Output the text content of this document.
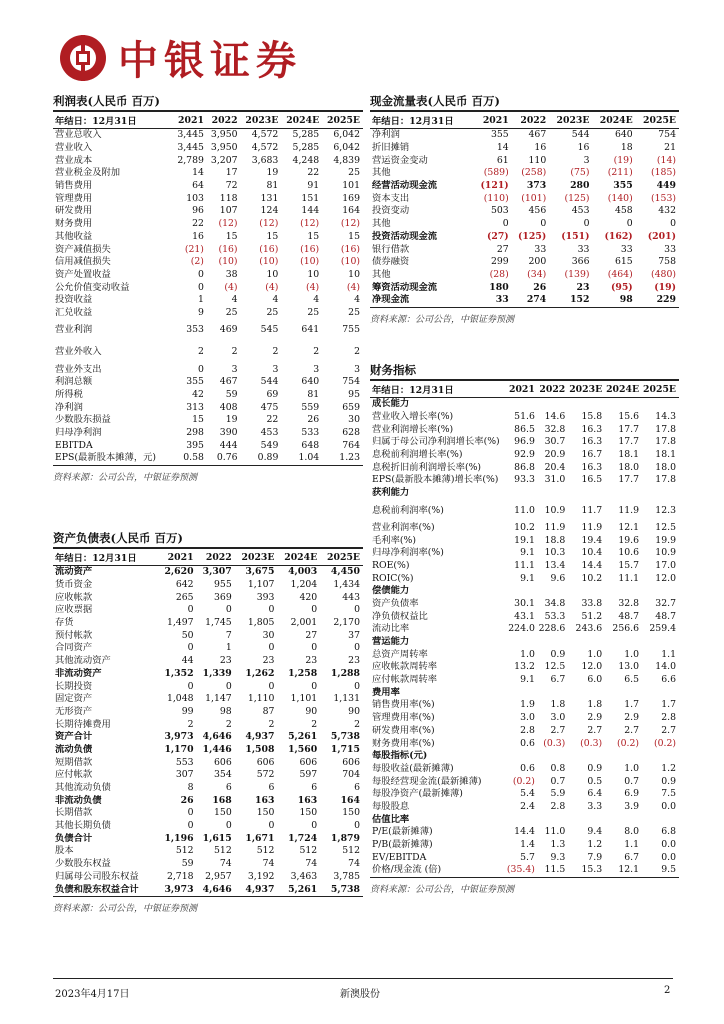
中银证券
利润表(人民币 百万)
年结日：12月31日	2021	2022	2023E	2024E	2025E
营业总收入	3,445	3,950	4,572	5,285	6,042
营业收入	3,445	3,950	4,572	5,285	6,042
营业成本	2,789	3,207	3,683	4,248	4,839
营业税金及附加	14	17	19	22	25
销售费用	64	72	81	91	101
管理费用	103	118	131	151	169
研发费用	96	107	124	144	164
财务费用	22	(12)	(12)	(12)	(12)
其他收益	16	15	15	15	15
资产减值损失	(21)	(16)	(16)	(16)	(16)
信用减值损失	(2)	(10)	(10)	(10)	(10)
资产处置收益	0	38	10	10	10
公允价值变动收益	0	(4)	(4)	(4)	(4)
投资收益	1	4	4	4	4
汇兑收益	9	25	25	25	25
营业利润	353	469	545	641	755
营业外收入	2	2	2	2	2
营业外支出	0	3	3	3	3
利润总额	355	467	544	640	754
所得税	42	59	69	81	95
净利润	313	408	475	559	659
少数股东损益	15	19	22	26	30
归母净利润	298	390	453	533	628
EBITDA	395	444	549	648	764
EPS(最新股本摊薄，元)	0.58	0.76	0.89	1.04	1.23
资料来源：公司公告，中银证券预测
资产负债表(人民币 百万)
年结日：12月31日	2021	2022	2023E	2024E	2025E
流动资产	2,620	3,307	3,675	4,003	4,450
货币资金	642	955	1,107	1,204	1,434
应收帐款	265	369	393	420	443
应收票据	0	0	0	0	0
存货	1,497	1,745	1,805	2,001	2,170
预付帐款	50	7	30	27	37
合同资产	0	1	0	0	0
其他流动资产	44	23	23	23	23
非流动资产	1,352	1,339	1,262	1,258	1,288
长期投资	0	0	0	0	0
固定资产	1,048	1,147	1,110	1,101	1,131
无形资产	99	98	87	90	90
长期待摊费用	2	2	2	2	2
资产合计	3,973	4,646	4,937	5,261	5,738
流动负债	1,170	1,446	1,508	1,560	1,715
短期借款	553	606	606	606	606
应付帐款	307	354	572	597	704
其他流动负债	8	6	6	6	6
非流动负债	26	168	163	163	164
长期借款	0	150	150	150	150
其他长期负债	0	0	0	0	0
负债合计	1,196	1,615	1,671	1,724	1,879
股本	512	512	512	512	512
少数股东权益	59	74	74	74	74
归属母公司股东权益	2,718	2,957	3,192	3,463	3,785
负债和股东权益合计	3,973	4,646	4,937	5,261	5,738
资料来源：公司公告，中银证券预测
现金流量表(人民币 百万)
年结日：12月31日	2021	2022	2023E	2024E	2025E
净利润	355	467	544	640	754
折旧摊销	14	16	16	18	21
营运资金变动	61	110	3	(19)	(14)
其他	(589)	(258)	(75)	(211)	(185)
经营活动现金流	(121)	373	280	355	449
资本支出	(110)	(101)	(125)	(140)	(153)
投资变动	503	456	453	458	432
其他	0	0	0	0	0
投资活动现金流	(27)	(125)	(151)	(162)	(201)
银行借款	27	33	33	33	33
债券融资	299	200	366	615	758
其他	(28)	(34)	(139)	(464)	(480)
筹资活动现金流	180	26	23	(95)	(19)
净现金流	33	274	152	98	229
资料来源：公司公告，中银证券预测
财务指标
年结日：12月31日	2021	2022	2023E	2024E	2025E
成长能力					
营业收入增长率(%)	51.6	14.6	15.8	15.6	14.3
营业利润增长率(%)	86.5	32.8	16.3	17.7	17.8
归属于母公司净利润增长率(%)	96.9	30.7	16.3	17.7	17.8
息税前利润增长率(%)	92.9	20.9	16.7	18.1	18.1
息税折旧前利润增长率(%)	86.8	20.4	16.3	18.0	18.0
EPS(最新股本摊薄)增长率(%)	93.3	31.0	16.5	17.7	17.8
获利能力					
息税前利润率(%)	11.0	10.9	11.7	11.9	12.3
营业利润率(%)	10.2	11.9	11.9	12.1	12.5
毛利率(%)	19.1	18.8	19.4	19.6	19.9
归母净利润率(%)	9.1	10.3	10.4	10.6	10.9
ROE(%)	11.1	13.4	14.4	15.7	17.0
ROIC(%)	9.1	9.6	10.2	11.1	12.0
偿债能力					
资产负债率	30.1	34.8	33.8	32.8	32.7
净负债权益比	43.1	53.3	51.2	48.7	48.7
流动比率	224.0	228.6	243.6	256.6	259.4
营运能力					
总资产周转率	1.0	0.9	1.0	1.0	1.1
应收帐款周转率	13.2	12.5	12.0	13.0	14.0
应付帐款周转率	9.1	6.7	6.0	6.5	6.6
费用率					
销售费用率(%)	1.9	1.8	1.8	1.7	1.7
管理费用率(%)	3.0	3.0	2.9	2.9	2.8
研发费用率(%)	2.8	2.7	2.7	2.7	2.7
财务费用率(%)	0.6	(0.3)	(0.3)	(0.2)	(0.2)
每股指标(元)					
每股收益(最新摊薄)	0.6	0.8	0.9	1.0	1.2
每股经营现金流(最新摊薄)	(0.2)	0.7	0.5	0.7	0.9
每股净资产(最新摊薄)	5.4	5.9	6.4	6.9	7.5
每股股息	2.4	2.8	3.3	3.9	0.0
估值比率					
P/E(最新摊薄)	14.4	11.0	9.4	8.0	6.8
P/B(最新摊薄)	1.4	1.3	1.2	1.1	0.0
EV/EBITDA	5.7	9.3	7.9	6.7	0.0
价格/现金流 (倍)	(35.4)	11.5	15.3	12.1	9.5
资料来源：公司公告，中银证券预测
2023年4月17日	新澳股份	2
